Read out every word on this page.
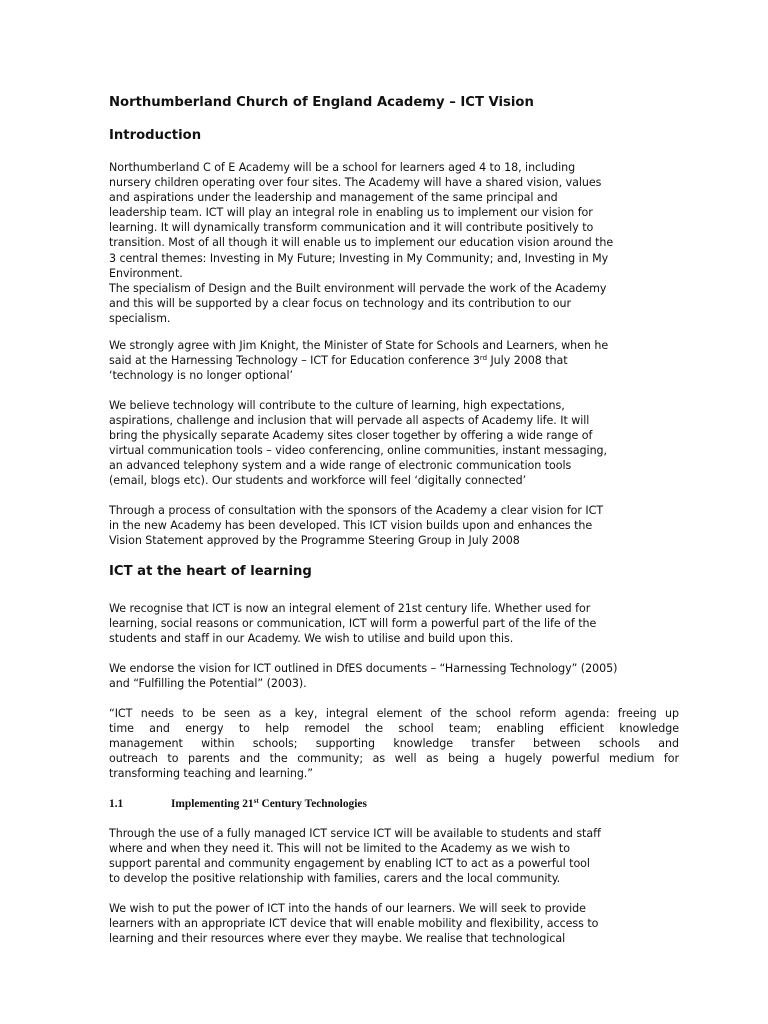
Northumberland Church of England Academy – ICT Vision
Introduction
Northumberland C of E Academy will be a school for learners aged 4 to 18, including
nursery children operating over four sites. The Academy will have a shared vision, values
and aspirations under the leadership and management of the same principal and
leadership team. ICT will play an integral role in enabling us to implement our vision for
learning. It will dynamically transform communication and it will contribute positively to
transition. Most of all though it will enable us to implement our education vision around the
3 central themes: Investing in My Future; Investing in My Community; and, Investing in My
Environment.
The specialism of Design and the Built environment will pervade the work of the Academy
and this will be supported by a clear focus on technology and its contribution to our
specialism.
We strongly agree with Jim Knight, the Minister of State for Schools and Learners, when he
said at the Harnessing Technology – ICT for Education conference 3rd July 2008 that
‘technology is no longer optional’
We believe technology will contribute to the culture of learning, high expectations,
aspirations, challenge and inclusion that will pervade all aspects of Academy life. It will
bring the physically separate Academy sites closer together by offering a wide range of
virtual communication tools – video conferencing, online communities, instant messaging,
an advanced telephony system and a wide range of electronic communication tools
(email, blogs etc). Our students and workforce will feel ‘digitally connected’
Through a process of consultation with the sponsors of the Academy a clear vision for ICT
in the new Academy has been developed. This ICT vision builds upon and enhances the
Vision Statement approved by the Programme Steering Group in July 2008
ICT at the heart of learning
We recognise that ICT is now an integral element of 21st century life. Whether used for
learning, social reasons or communication, ICT will form a powerful part of the life of the
students and staff in our Academy. We wish to utilise and build upon this.
We endorse the vision for ICT outlined in DfES documents – “Harnessing Technology” (2005)
and “Fulfilling the Potential” (2003).
“ICT needs to be seen as a key, integral element of the school reform agenda: freeing up
time and energy to help remodel the school team; enabling efficient knowledge
management within schools; supporting knowledge transfer between schools and
outreach to parents and the community; as well as being a hugely powerful medium for
transforming teaching and learning.”
1.1	Implementing 21st Century Technologies
Through the use of a fully managed ICT service ICT will be available to students and staff
where and when they need it. This will not be limited to the Academy as we wish to
support parental and community engagement by enabling ICT to act as a powerful tool
to develop the positive relationship with families, carers and the local community.
We wish to put the power of ICT into the hands of our learners. We will seek to provide
learners with an appropriate ICT device that will enable mobility and flexibility, access to
learning and their resources where ever they maybe. We realise that technological
